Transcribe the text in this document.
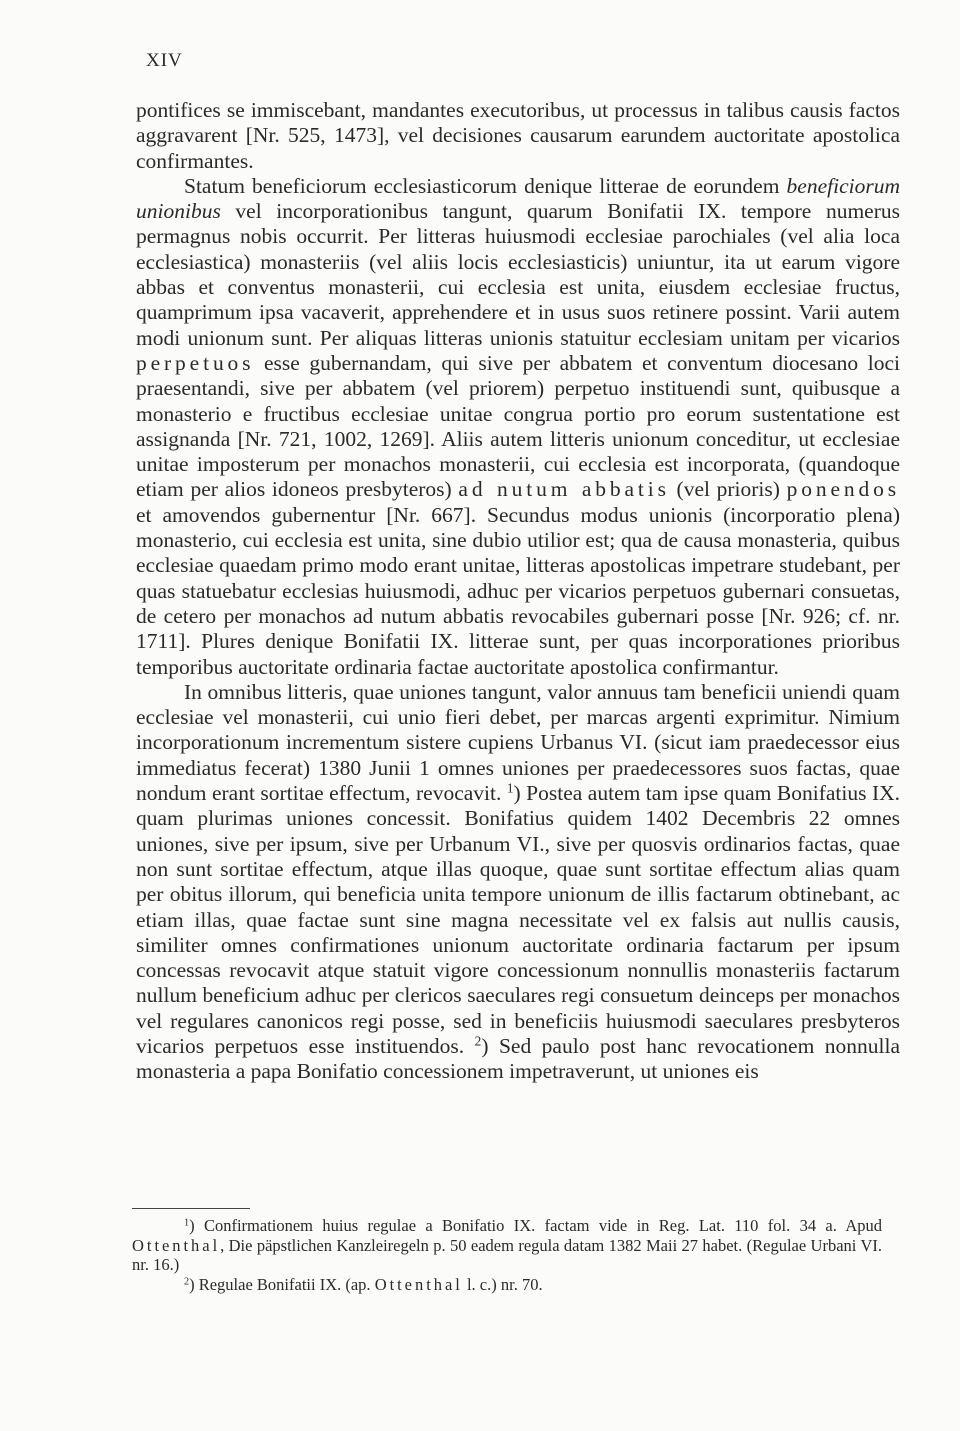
XIV

pontifices se immiscebant, mandantes executoribus, ut processus in talibus causis factos aggravarent [Nr. 525, 1473], vel decisiones causarum earundem auctoritate apostolica confirmantes.

Statum beneficiorum ecclesiasticorum denique litterae de eorundem beneficiorum unionibus vel incorporationibus tangunt, quarum Bonifatii IX. tempore numerus permagnus nobis occurrit. Per litteras huiusmodi ecclesiae parochiales (vel alia loca ecclesiastica) monasteriis (vel aliis locis ecclesiasticis) uniuntur, ita ut earum vigore abbas et conventus monasterii, cui ecclesia est unita, eiusdem ecclesiae fructus, quamprimum ipsa vacaverit, apprehendere et in usus suos retinere possint. Varii autem modi unionum sunt. Per aliquas litteras unionis statuitur ecclesiam unitam per vicarios perpetuos esse gubernandam, qui sive per abbatem et conventum diocesano loci praesentandi, sive per abbatem (vel priorem) perpetuo instituendi sunt, quibusque a monasterio e fructibus ecclesiae unitae congrua portio pro eorum sustentatione est assignanda [Nr. 721, 1002, 1269]. Aliis autem litteris unionum conceditur, ut ecclesiae unitae imposterum per monachos monasterii, cui ecclesia est incorporata, (quandoque etiam per alios idoneos presbyteros) ad nutum abbatis (vel prioris) ponendos et amovendos gubernentur [Nr. 667]. Secundus modus unionis (incorporatio plena) monasterio, cui ecclesia est unita, sine dubio utilior est; qua de causa monasteria, quibus ecclesiae quaedam primo modo erant unitae, litteras apostolicas impetrare studebant, per quas statuebatur ecclesias huiusmodi, adhuc per vicarios perpetuos gubernari consuetas, de cetero per monachos ad nutum abbatis revocabiles gubernari posse [Nr. 926; cf. nr. 1711]. Plures denique Bonifatii IX. litterae sunt, per quas incorporationes prioribus temporibus auctoritate ordinaria factae auctoritate apostolica confirmantur.

In omnibus litteris, quae uniones tangunt, valor annuus tam beneficii uniendi quam ecclesiae vel monasterii, cui unio fieri debet, per marcas argenti exprimitur. Nimium incorporationum incrementum sistere cupiens Urbanus VI. (sicut iam praedecessor eius immediatus fecerat) 1380 Junii 1 omnes uniones per praedecessores suos factas, quae nondum erant sortitae effectum, revocavit. $^1$) Postea autem tam ipse quam Bonifatius IX. quam plurimas uniones concessit. Bonifatius quidem 1402 Decembris 22 omnes uniones, sive per ipsum, sive per Urbanum VI., sive per quosvis ordinarios factas, quae non sunt sortitae effectum, atque illas quoque, quae sunt sortitae effectum alias quam per obitus illorum, qui beneficia unita tempore unionum de illis factarum obtinebant, ac etiam illas, quae factae sunt sine magna necessitate vel ex falsis aut nullis causis, similiter omnes confirmationes unionum auctoritate ordinaria factarum per ipsum concessas revocavit atque statuit vigore concessionum nonnullis monasteriis factarum nullum beneficium adhuc per clericos saeculares regi consuetum deinceps per monachos vel regulares canonicos regi posse, sed in beneficiis huiusmodi saeculares presbyteros vicarios perpetuos esse instituendos. $^2$) Sed paulo post hanc revocationem nonnulla monasteria a papa Bonifatio concessionem impetraverunt, ut uniones eis

$^1$) Confirmationem huius regulae a Bonifatio IX. factam vide in Reg. Lat. 110 fol. 34 a. Apud Ottenthal, Die päpstlichen Kanzleiregeln p. 50 eadem regula datam 1382 Maii 27 habet. (Regulae Urbani VI. nr. 16.)

$^2$) Regulae Bonifatii IX. (ap. Ottenthal l. c.) nr. 70.
